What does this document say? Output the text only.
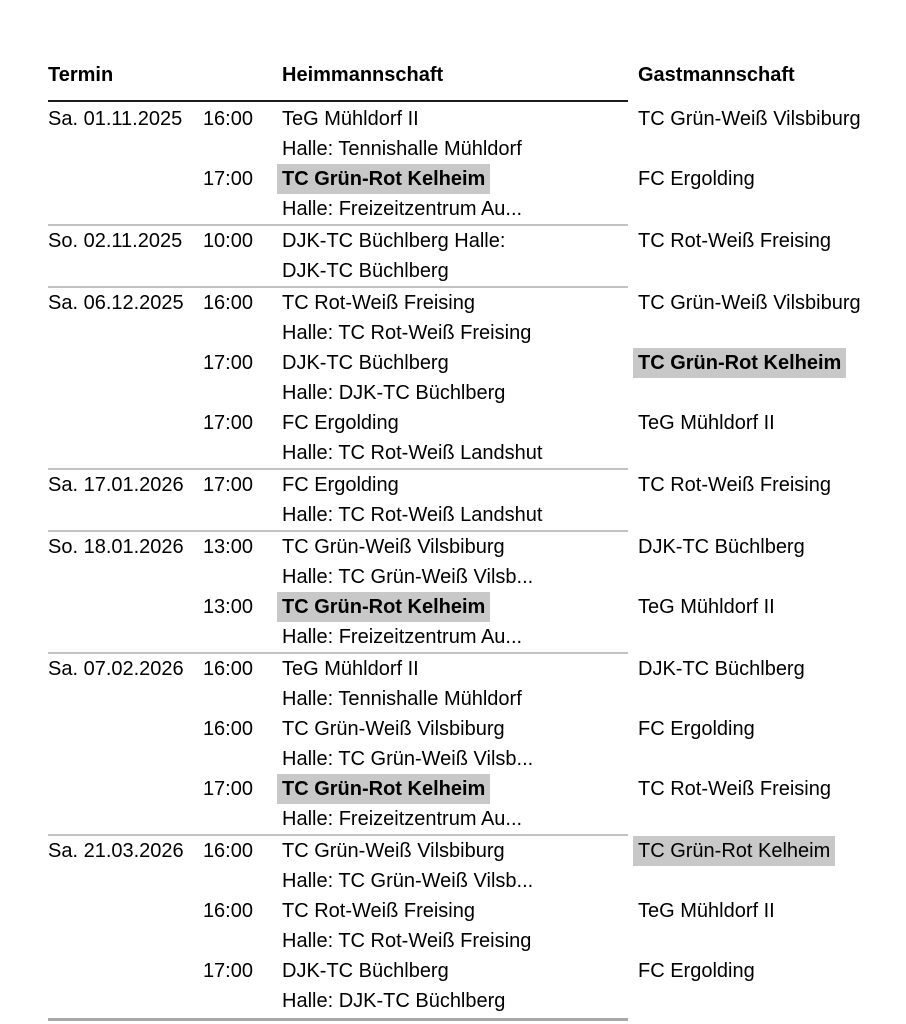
Termin	Heimmannschaft	Gastmannschaft
Sa. 01.11.2025 16:00 TeG Mühldorf II
Halle: Tennishalle Mühldorf
TC Grün-Weiß Vilsbiburg
17:00 TC Grün-Rot Kelheim
Halle: Freizeitzentrum Au...
FC Ergolding
So. 02.11.2025 10:00 DJK-TC Büchlberg Halle:
DJK-TC Büchlberg
TC Rot-Weiß Freising
Sa. 06.12.2025 16:00 TC Rot-Weiß Freising
Halle: TC Rot-Weiß Freising
TC Grün-Weiß Vilsbiburg
17:00 DJK-TC Büchlberg
Halle: DJK-TC Büchlberg
TC Grün-Rot Kelheim
17:00 FC Ergolding
Halle: TC Rot-Weiß Landshut
TeG Mühldorf II
Sa. 17.01.2026 17:00 FC Ergolding
Halle: TC Rot-Weiß Landshut
TC Rot-Weiß Freising
So. 18.01.2026 13:00 TC Grün-Weiß Vilsbiburg
Halle: TC Grün-Weiß Vilsb...
DJK-TC Büchlberg
13:00 TC Grün-Rot Kelheim
Halle: Freizeitzentrum Au...
TeG Mühldorf II
Sa. 07.02.2026 16:00 TeG Mühldorf II
Halle: Tennishalle Mühldorf
DJK-TC Büchlberg
16:00 TC Grün-Weiß Vilsbiburg
Halle: TC Grün-Weiß Vilsb...
FC Ergolding
17:00 TC Grün-Rot Kelheim
Halle: Freizeitzentrum Au...
TC Rot-Weiß Freising
Sa. 21.03.2026 16:00 TC Grün-Weiß Vilsbiburg
Halle: TC Grün-Weiß Vilsb...
TC Grün-Rot Kelheim
16:00 TC Rot-Weiß Freising
Halle: TC Rot-Weiß Freising
TeG Mühldorf II
17:00 DJK-TC Büchlberg
Halle: DJK-TC Büchlberg
FC Ergolding
